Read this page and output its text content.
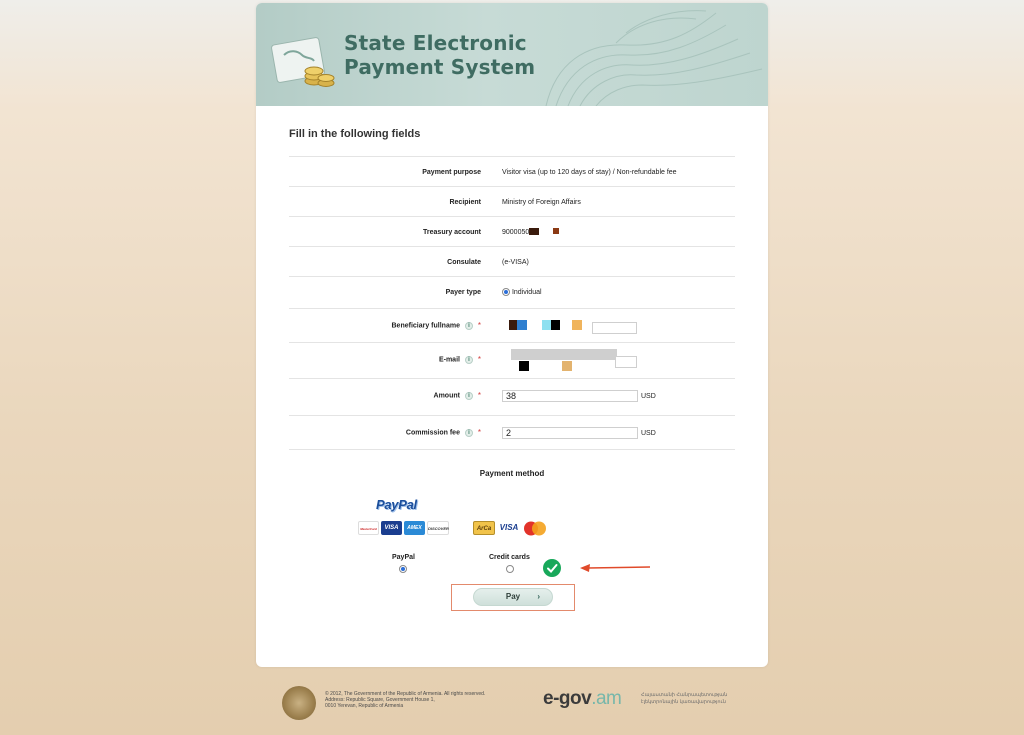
State Electronic
Payment System
Fill in the following fields
Payment purpose	Visitor visa (up to 120 days of stay) / Non-refundable fee
Recipient	Ministry of Foreign Affairs
Treasury account	9000050
Consulate	(e-VISA)
Payer type	Individual
Beneficiary fullname i *
E-mail i *
Amount i *	38	USD
Commission fee i *	2	USD
Payment method
PayPal
MasterCard	VISA	AMEX	DISCOVER	ArCa	VISA
PayPal	Credit cards
Pay ›
© 2012, The Government of the Republic of Armenia. All rights reserved.
Address: Republic Square, Government House 1,
0010 Yerevan, Republic of Armenia	e-gov.am	Հայաստանի Հանրապետության
էլեկտրոնային կառավարություն
